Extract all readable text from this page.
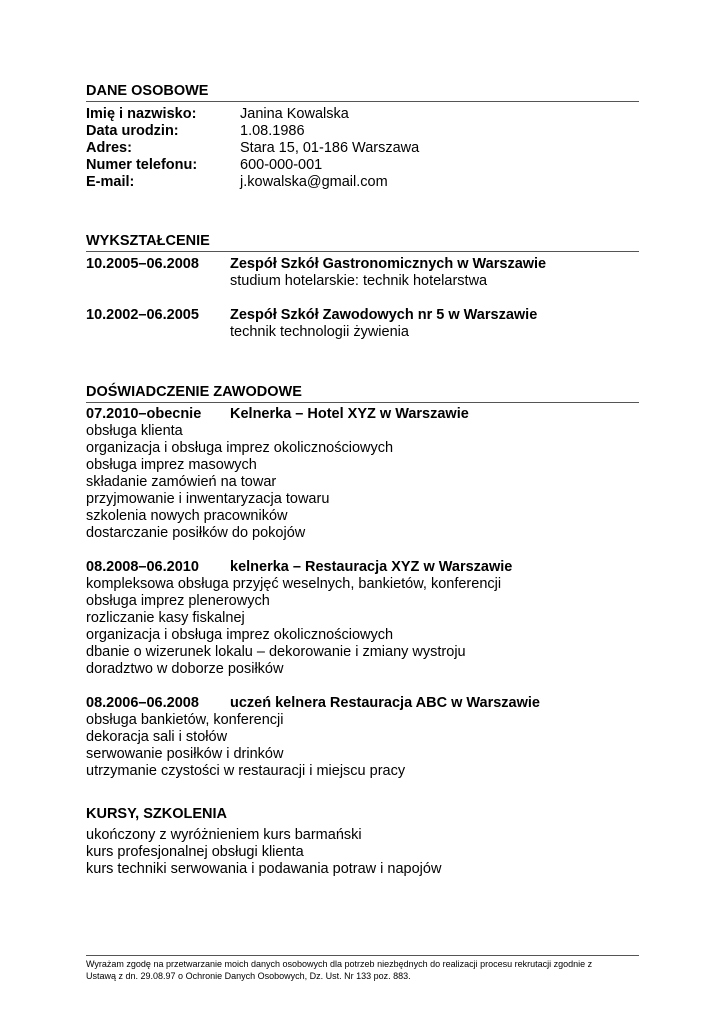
DANE OSOBOWE
Imię i nazwisko:	Janina Kowalska
Data urodzin:	1.08.1986
Adres:	Stara 15, 01-186 Warszawa
Numer telefonu:	600-000-001
E-mail:	j.kowalska@gmail.com
WYKSZTAŁCENIE
10.2005–06.2008	Zespół Szkół Gastronomicznych w Warszawie
studium hotelarskie: technik hotelarstwa
10.2002–06.2005	Zespół Szkół Zawodowych nr 5 w Warszawie
technik technologii żywienia
DOŚWIADCZENIE ZAWODOWE
07.2010–obecnie	Kelnerka – Hotel XYZ w Warszawie
obsługa klienta
organizacja i obsługa imprez okolicznościowych
obsługa imprez masowych
składanie zamówień na towar
przyjmowanie i inwentaryzacja towaru
szkolenia nowych pracowników
dostarczanie posiłków do pokojów
08.2008–06.2010	kelnerka – Restauracja XYZ w Warszawie
kompleksowa obsługa przyjęć weselnych, bankietów, konferencji
obsługa imprez plenerowych
rozliczanie kasy fiskalnej
organizacja i obsługa imprez okolicznościowych
dbanie o wizerunek lokalu – dekorowanie i zmiany wystroju
doradztwo w doborze posiłków
08.2006–06.2008	uczeń kelnera Restauracja ABC w Warszawie
obsługa bankietów, konferencji
dekoracja sali i stołów
serwowanie posiłków i drinków
utrzymanie czystości w restauracji i miejscu pracy
KURSY, SZKOLENIA
ukończony z wyróżnieniem kurs barmański
kurs profesjonalnej obsługi klienta
kurs techniki serwowania i podawania potraw i napojów
Wyrażam zgodę na przetwarzanie moich danych osobowych dla potrzeb niezbędnych do realizacji procesu rekrutacji zgodnie z
Ustawą z dn. 29.08.97 o Ochronie Danych Osobowych, Dz. Ust. Nr 133 poz. 883.
